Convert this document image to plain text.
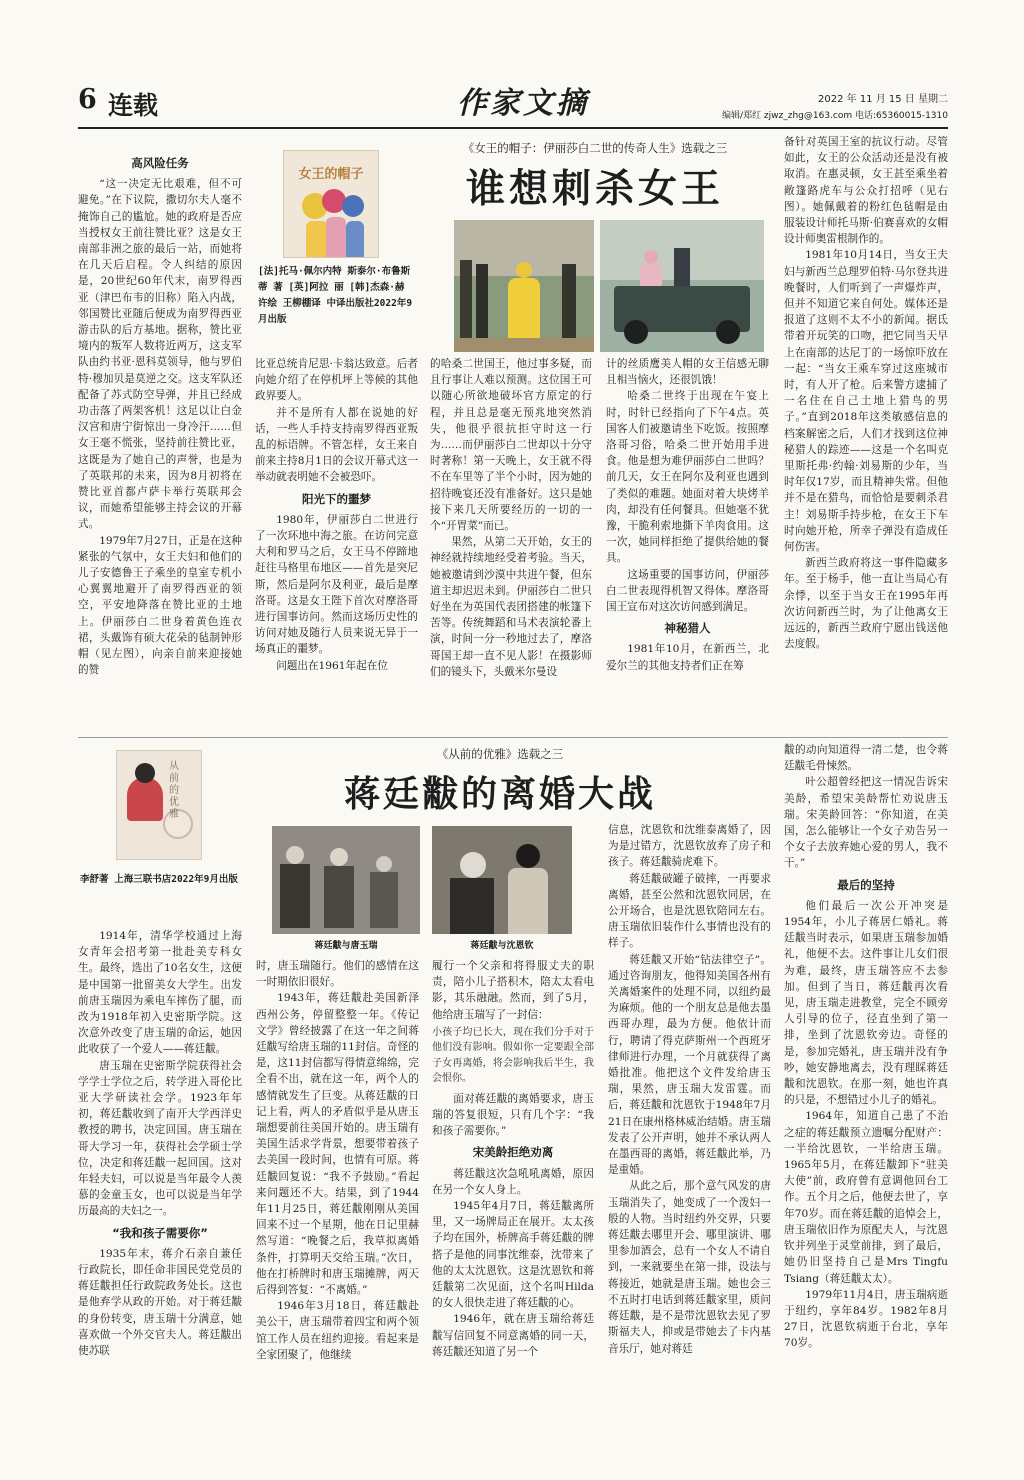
6 连载	作家文摘	2022 年 11 月 15 日 星期二
编辑/郑红 zjwz_zhg@163.com 电话:65360015-1310
女王的帽子
[法]托马·佩尔内特 斯泰尔·布鲁斯蒂 著 [英]阿拉 丽 [韩]杰森·赫许绘 王柳棚译 中译出版社2022年9月出版
《女王的帽子：伊丽莎白二世的传奇人生》选载之三
谁想刺杀女王
高风险任务

“这一决定无比艰难，但不可避免。”在下议院，撒切尔夫人毫不掩饰自己的尴尬。她的政府是否应当授权女王前往赞比亚？这是女王南部非洲之旅的最后一站，而她将在几天后启程。令人纠结的原因是，20世纪60年代末，南罗得西亚（津巴布韦的旧称）陷入内战，邻国赞比亚随后便成为南罗得西亚游击队的后方基地。据称，赞比亚境内的叛军人数将近两万，这支军队由约书亚·恩科莫领导，他与罗伯特·穆加贝是莫逆之交。这支军队还配备了苏式防空导弹，并且已经成功击落了两架客机！这足以让白金汉宫和唐宁街惊出一身冷汗……但女王毫不慌张，坚持前往赞比亚，这既是为了她自己的声誉，也是为了英联邦的未来，因为8月初将在赞比亚首都卢萨卡举行英联邦会议，而她希望能够主持会议的开幕式。

1979年7月27日，正是在这种紧张的气氛中，女王夫妇和他们的儿子安德鲁王子乘坐的皇室专机小心翼翼地避开了南罗得西亚的领空，平安地降落在赞比亚的土地上。伊丽莎白二世身着黄色连衣裙，头戴饰有硕大花朵的毡制钟形帽（见左图），向亲自前来迎接她的赞

比亚总统肯尼思·卡翁达致意。后者向她介绍了在停机坪上等候的其他政界要人。

并不是所有人都在说她的好话，一些人手持支持南罗得西亚叛乱的标语牌。不管怎样，女王来自前来主持8月1日的会议开幕式这一举动就表明她不会被恐吓。

阳光下的噩梦

1980年，伊丽莎白二世进行了一次环地中海之旅。在访问完意大利和罗马之后，女王马不停蹄地赶往马格里布地区——首先是突尼斯，然后是阿尔及利亚，最后是摩洛哥。这是女王陛下首次对摩洛哥进行国事访问。然而这场历史性的访问对她及随行人员来说无异于一场真正的噩梦。

问题出在1961年起在位

的哈桑二世国王，他过事多疑，而且行事让人难以预测。这位国王可以随心所欲地破坏官方原定的行程，并且总是毫无预兆地突然消失，他很乎很抗拒守时这一行为……而伊丽莎白二世却以十分守时著称！第一天晚上，女王就不得不在车里等了半个小时，因为她的招待晚宴还没有准备好。这只是她接下来几天所要经历的一切的一个“开胃菜”而已。

果然，从第二天开始，女王的神经就持续地经受着考验。当天，她被邀请到沙漠中共进午餐，但东道主却迟迟未到。伊丽莎白二世只好坐在为英国代表团搭建的帐篷下苦等。传统舞蹈和马术表演轮番上演，时间一分一秒地过去了，摩洛哥国王却一直不见人影！在摄影师们的镜头下，头戴米尔曼设

计的丝质鹰美人帽的女王信感无聊且相当恼火，还很饥饿！

哈桑二世终于出现在午宴上时，时针已经指向了下午4点。英国客人们被邀请坐下吃饭。按照摩洛哥习俗，哈桑二世开始用手进食。他是想为难伊丽莎白二世吗？前几天，女王在阿尔及利亚也遇到了类似的难题。她面对着大块烤羊肉，却没有任何餐具。但她毫不犹豫，干脆利索地撕下羊肉食用。这一次，她同样拒绝了提供给她的餐具。

这场重要的国事访问，伊丽莎白二世表现得机智又得体。摩洛哥国王宣布对这次访问感到满足。

神秘猎人

1981年10月，在新西兰，北爱尔兰的其他支持者们正在筹

备针对英国王室的抗议行动。尽管如此，女王的公众活动还是没有被取消。在惠灵顿，女王甚至乘坐着敞篷路虎车与公众打招呼（见右图）。她佩戴着的粉红色毡帽是由服装设计师托马斯·伯赛喜欢的女帽设计师奥雷根制作的。

1981年10月14日，当女王夫妇与新西兰总理罗伯特·马尔登共进晚餐时，人们听到了一声爆炸声，但并不知道它来自何处。媒体还是报道了这则不太不小的新闻。据氐带着开玩笑的口吻，把它同当天早上在南部的达尼丁的一场惊吓放在一起：“当女王乘车穿过这座城市时，有人开了枪。后来警方逮捕了一名住在自己土地上猎鸟的男子。”直到2018年这类敏感信息的档案解密之后，人们才找到这位神秘猎人的踪迹——这是一个名叫克里斯托弗·约翰·刘易斯的少年，当时年仅17岁，而且精神失常。但他并不是在猎鸟，而恰恰是要刺杀君主！刘易斯手持步枪，在女王下车时向她开枪，所幸子弹没有造成任何伤害。

新西兰政府将这一事件隐藏多年。至于杨手，他一直让当局心有余悸，以至于当女王在1995年再次访问新西兰时，为了让他离女王远远的，新西兰政府宁愿出钱送他去度假。

从前的优雅
李舒著 上海三联书店2022年9月出版
《从前的优雅》选载之三
蒋廷黻的离婚大战
蒋廷黻与唐玉瑞	蒋廷黻与沈恩钦

1914年，清华学校通过上海女青年会招考第一批赴美专科女生。最终，选出了10名女生，这便是中国第一批留美女大学生。出发前唐玉瑞因为乘电车摔伤了腿，而改为1918年初入史密斯学院。这次意外改变了唐玉瑞的命运，她因此收获了一个爱人——蒋廷黻。

唐玉瑞在史密斯学院获得社会学学士学位之后，转学进入哥伦比亚大学研读社会学。1923年年初，蒋廷黻收到了南开大学西洋史教授的聘书，决定回国。唐玉瑞在哥大学习一年，获得社会学硕士学位，决定和蒋廷黻一起回国。这对年轻夫妇，可以说是当年最令人羡慕的金童玉女，也可以说是当年学历最高的夫妇之一。

“我和孩子需要你”

1935年末，蒋介石亲自兼任行政院长，即任命非国民党党员的蒋廷黻担任行政院政务处长。这也是他弃学从政的开始。对于蒋廷黻的身份转变，唐玉瑞十分满意，她喜欢做一个外交官夫人。蒋廷黻出使苏联

时，唐玉瑞随行。他们的感情在这一时期依旧很好。

1943年，蒋廷黻赴美国新泽西州公务，停留整整一年。《传记文学》曾经披露了在这一年之间蒋廷黻写给唐玉瑞的11封信。奇怪的是，这11封信都写得情意绵绵，完全看不出，就在这一年，两个人的感情就发生了巨变。从蒋廷黻的日记上看，两人的矛盾似乎是从唐玉瑞想要前往美国开始的。唐玉瑞有美国生活求学背景，想要带着孩子去美国一段时间，也情有可原。蒋廷黻回复说：“我不予鼓励。”看起来问题还不大。结果，到了1944年11月25日，蒋廷黻刚刚从美国回来不过一个星期，他在日记里赫然写道：“晚餐之后，我草拟离婚条件，打算明天交给玉瑞。”次日，他在打桥牌时和唐玉瑞摊牌，两天后得到答复：“不离婚。”

1946年3月18日，蒋廷黻赴美公干，唐玉瑞带着四宝和两个领馆工作人员在纽约迎接。看起来是全家团聚了，他继续

履行一个父亲和将得服丈夫的职责，陪小儿子搭积木，陪太太看电影，其乐融融。然而，到了5月，他给唐玉瑞写了一封信：

小孩子均已长大，现在我们分手对于他们没有影响。假如你一定要跟全部子女再离婚，将会影响我后半生，我会恨你。

面对蒋廷黻的离婚要求，唐玉瑞的答复很短，只有几个字：“我和孩子需要你。”

宋美龄拒绝劝离

蒋廷黻这次急吼吼离婚，原因在另一个女人身上。

1945年4月7日，蒋廷黻离所里，又一场牌局正在展开。太太孩子均在国外，桥牌高手蒋廷黻的牌搭子是他的同事沈维泰，沈带来了他的太太沈恩钦。这是沈恩钦和蒋廷黻第二次见面，这个名叫Hilda的女人很快走进了蒋廷黻的心。

1946年，就在唐玉瑞给蒋廷黻写信回复不同意离婚的同一天，蒋廷黻还知道了另一个

信息，沈恩钦和沈维泰离婚了，因为是过错方，沈恩钦放弃了房子和孩子。蒋廷黻骑虎难下。

蒋廷黻破罐子破摔，一再要求离婚，甚至公然和沈恩钦同居，在公开场合，也是沈恩钦陪同左右。唐玉瑞依旧装作什么事情也没有的样子。

蒋廷黻又开始“钻法律空子”。通过咨询朋友，他得知美国各州有关离婚案件的处理不同，以纽约最为麻烦。他的一个朋友总是他去墨西哥办理，最为方便。他依计而行，聘请了得克萨斯州一个西班牙律师进行办理，一个月就获得了离婚批准。他把这个文件发给唐玉瑞，果然，唐玉瑞大发雷霆。而后，蒋廷黻和沈恩钦于1948年7月21日在康州格林威治结婚。唐玉瑞发表了公开声明，她并不承认两人在墨西哥的离婚，蒋廷黻此举，乃是重婚。

从此之后，那个意气风发的唐玉瑞消失了，她变成了一个泼妇一般的人物。当时纽约外交界，只要蒋廷黻去哪里开会、哪里演讲、哪里参加酒会，总有一个女人不请自到，一来就要坐在第一排，设法与蒋接近，她就是唐玉瑞。她也会三不五时打电话到蒋廷黻家里，质问蒋廷黻，是不是带沈恩钦去见了罗斯福夫人，抑或是带她去了卡内基音乐厅，她对蒋廷

黻的动向知道得一清二楚，也令蒋廷黻毛骨悚然。

叶公超曾经把这一情况告诉宋美龄，希望宋美龄帮忙劝说唐玉瑞。宋美龄回答：“你知道，在美国，怎么能够让一个女子劝告另一个女子去放弃她心爱的男人，我不干。”

最后的坚持

他们最后一次公开冲突是1954年，小儿子蒋居仁婚礼。蒋廷黻当时表示，如果唐玉瑞参加婚礼，他便不去。这件事让儿女们很为难，最终，唐玉瑞答应不去参加。但到了当日，蒋廷黻再次看见，唐玉瑞走进教堂，完全不顾旁人引导的位子，径直坐到了第一排，坐到了沈恩钦旁边。奇怪的是，参加完婚礼，唐玉瑞并没有争吵，她安静地离去，没有理睬蒋廷黻和沈恩钦。在那一刻，她也许真的只是，不想错过小儿子的婚礼。

1964年，知道自己患了不治之症的蒋廷黻预立遗嘱分配财产：一半给沈恩钦，一半给唐玉瑞。1965年5月，在蒋廷黻卸下“驻美大使”前，政府曾有意调他回台工作。五个月之后，他便去世了，享年70岁。而在蒋廷黻的追悼会上，唐玉瑞依旧作为原配夫人，与沈恩钦并列坐于灵堂前排，到了最后，她仍旧坚持自己是Mrs Tingfu Tsiang（蒋廷黻太太）。

1979年11月4日，唐玉瑞病逝于纽约，享年84岁。1982年8月27日，沈恩钦病逝于台北，享年70岁。
